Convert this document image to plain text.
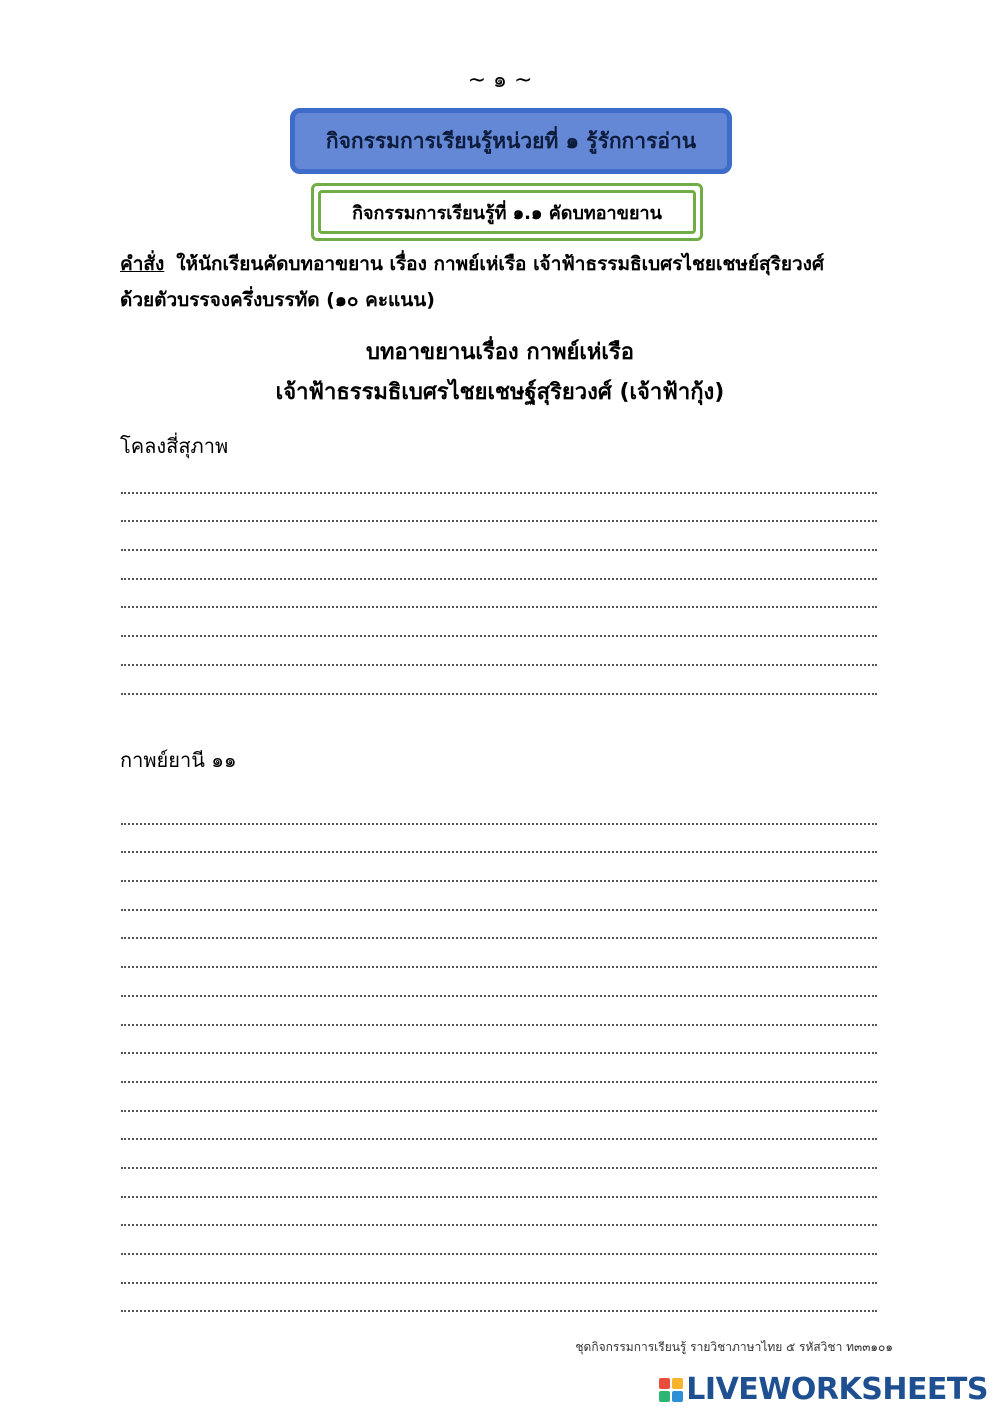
~ ๑ ~
กิจกรรมการเรียนรู้หน่วยที่ ๑ รู้รักการอ่าน
กิจกรรมการเรียนรู้ที่ ๑.๑ คัดบทอาขยาน
คำสั่ง ให้นักเรียนคัดบทอาขยาน เรื่อง กาพย์เห่เรือ เจ้าฟ้าธรรมธิเบศรไชยเชษย์สุริยวงศ์
ด้วยตัวบรรจงครึ่งบรรทัด (๑๐ คะแนน)
บทอาขยานเรื่อง กาพย์เห่เรือ
เจ้าฟ้าธรรมธิเบศรไชยเชษฐ์สุริยวงศ์ (เจ้าฟ้ากุ้ง)
โคลงสี่สุภาพ
กาพย์ยานี ๑๑
ชุดกิจกรรมการเรียนรู้ รายวิชาภาษาไทย ๕ รหัสวิชา ท๓๓๑๐๑
LIVEWORKSHEETS
